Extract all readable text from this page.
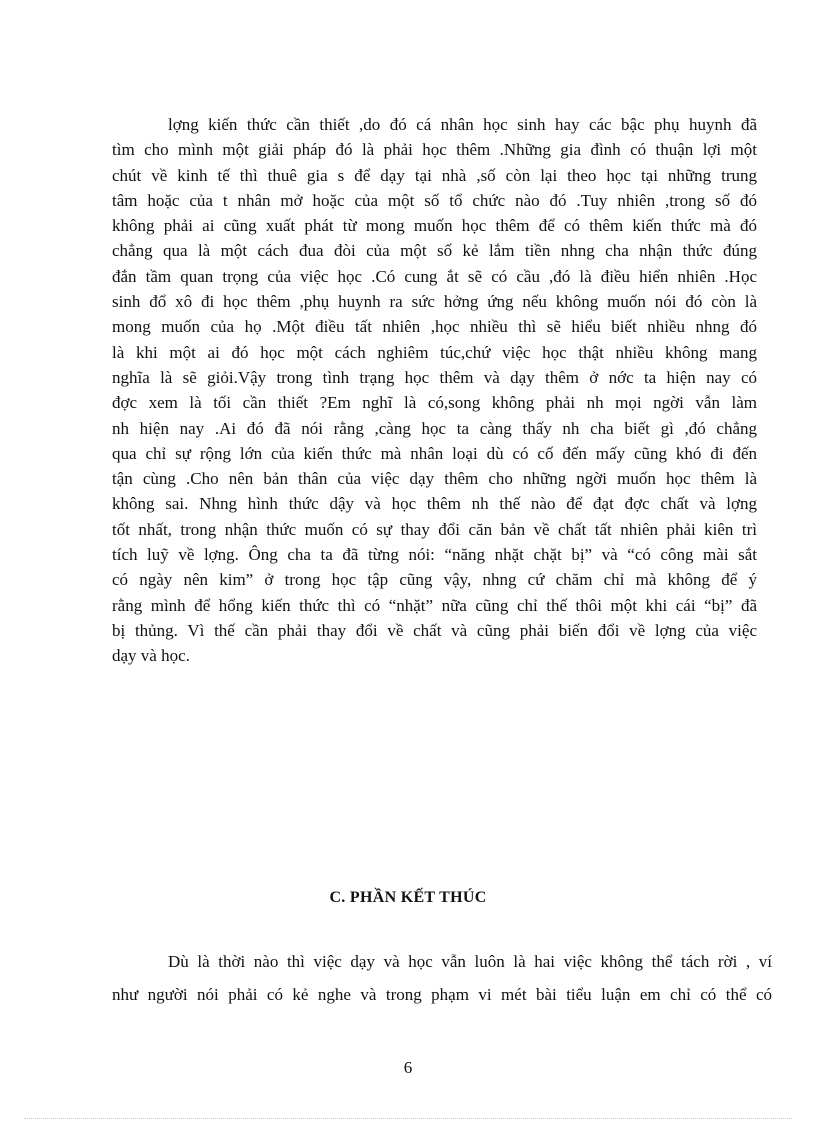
lợng kiến thức cần thiết ,do đó cá nhân học sinh hay các bậc phụ huynh đã
tìm cho mình một giải pháp đó là phải học thêm .Những gia đình có thuận lợi một
chút về kinh tế thì thuê gia s để dạy tại nhà ,số còn lại theo học tại những trung
tâm hoặc của t nhân mở hoặc của một số tổ chức nào đó .Tuy nhiên ,trong số đó
không phải ai cũng xuất phát từ mong muốn học thêm để có thêm kiến thức mà đó
chẳng qua là một cách đua đòi của một số kẻ lắm tiền nhng cha nhận thức đúng
đắn tầm quan trọng của việc học .Có cung ắt sẽ có cầu ,đó là điều hiển nhiên .Học
sinh đổ xô đi học thêm ,phụ huynh ra sức hởng ứng nếu không muốn nói đó còn là
mong muốn của họ .Một điều tất nhiên ,học nhiều thì sẽ hiểu biết nhiều nhng đó
là khi một ai đó học một cách nghiêm túc,chứ việc học thật nhiều không mang
nghĩa là sẽ giỏi.Vậy trong tình trạng học thêm và dạy thêm ở nớc ta hiện nay có
đợc xem là tối cần thiết ?Em nghĩ là có,song không phải nh mọi ngời vẫn làm
nh hiện nay .Ai đó đã nói rằng ,càng học ta càng thấy nh cha biết gì ,đó chẳng
qua chỉ sự rộng lớn của kiến thức mà nhân loại dù có cố đến mấy cũng khó đi đến
tận cùng .Cho nên bản thân của việc dạy thêm cho những ngời muốn học thêm là
không sai. Nhng hình thức dậy và học thêm nh thế nào để đạt đợc chất và lợng
tốt nhất, trong nhận thức muốn có sự thay đổi căn bản về chất tất nhiên phải kiên trì
tích luỹ về lợng. Ông cha ta đã từng nói: “năng nhặt chặt bị” và “có công mài sắt
có ngày nên kim” ở trong học tập cũng vậy, nhng cứ chăm chỉ mà không để ý
rằng mình để hổng kiến thức thì có “nhặt” nữa cũng chỉ thế thôi một khi cái “bị” đã
bị thủng. Vì thế cần phải thay đổi về chất và cũng phải biến đổi về lợng của việc
dạy và học.

C. PHẦN KẾT THÚC

Dù là thời nào thì việc dạy và học vẫn luôn là hai việc không thể tách rời , ví
như người nói phải có kẻ nghe và trong phạm vi mét bài tiểu luận em chỉ có thể có

6
